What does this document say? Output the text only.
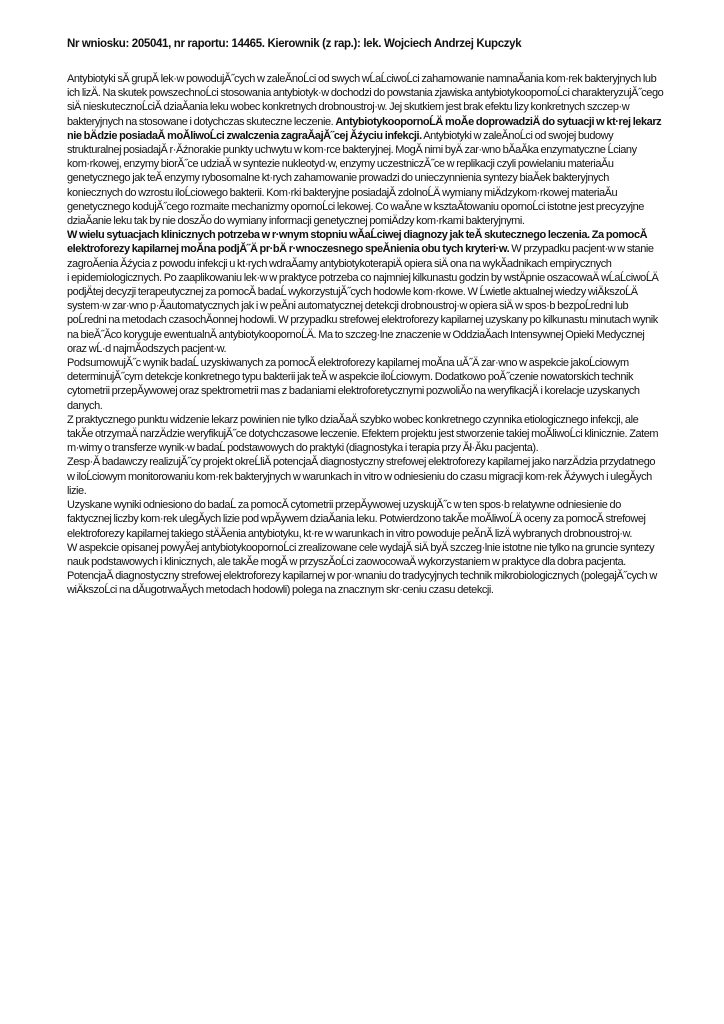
Nr wniosku: 205041, nr raportu: 14465. Kierownik (z rap.): lek. Wojciech Andrzej Kupczyk

Antybiotyki sĂ grupĂ lek·w powodujĂ˝cych w zaleĂnoĹci od swych wĹaĹciwoĹci zahamowanie namnaĂania kom·rek bakteryjnych lub ich lizÄ. Na skutek powszechnoĹci stosowania antybiotyk·w dochodzi do powstania zjawiska antybiotykoopornoĹci charakteryzujĂ˝cego siÄ nieskutecznoĹciĂ dziaĂania leku wobec konkretnych drobnoustroj·w. Jej skutkiem jest brak efektu lizy konkretnych szczep·w bakteryjnych na stosowane i dotychczas skuteczne leczenie. AntybiotykoopornoĹÄ moĂe doprowadziÄ do sytuacji w kt·rej lekarz nie bÄdzie posiadaĂ moĂliwoĹci zwalczenia zagraĂajĂ˝cej Ăźyciu infekcji. Antybiotyki w zaleĂnoĹci od swojej budowy strukturalnej posiadajĂ r·Ăźnorakie punkty uchwytu w kom·rce bakteryjnej. MogĂ nimi byÄ zar·wno bĂaĂka enzymatyczne Ĺciany kom·rkowej, enzymy biorĂ˝ce udziaĂ w syntezie nukleotyd·w, enzymy uczestniczĂ˝ce w replikacji czyli powielaniu materiaĂu genetycznego jak teĂ enzymy rybosomalne kt·rych zahamowanie prowadzi do unieczynnienia syntezy biaĂek bakteryjnych koniecznych do wzrostu iloĹciowego bakterii. Kom·rki bakteryjne posiadajĂ zdolnoĹÄ wymiany miÄdzykom·rkowej materiaĂu genetycznego kodujĂ˝cego rozmaite mechanizmy opornoĹci lekowej. Co waĂne w ksztaĂtowaniu opornoĹci istotne jest precyzyjne dziaĂanie leku tak by nie doszĂo do wymiany informacji genetycznej pomiÄdzy kom·rkami bakteryjnymi.

W wielu sytuacjach klinicznych potrzeba w r·wnym stopniu wĂaĹciwej diagnozy jak teĂ skutecznego leczenia. Za pomocĂ elektroforezy kapilarnej moĂna podjĂ˝Ä pr·bÄ r·wnoczesnego speĂnienia obu tych kryteri·w. W przypadku pacjent·w w stanie zagroĂenia Ăźycia z powodu infekcji u kt·rych wdraĂamy antybiotykoterapiÄ opiera siÄ ona na wykĂadnikach empirycznych

i epidemiologicznych. Po zaaplikowaniu lek·w w praktyce potrzeba co najmniej kilkunastu godzin by wstÄpnie oszacowaÄ wĹaĹciwoĹÄ podjÄtej decyzji terapeutycznej za pomocĂ badaĹ wykorzystujĂ˝cych hodowle kom·rkowe. W Ĺwietle aktualnej wiedzy wiÄkszoĹÄ system·w zar·wno p·Ăautomatycznych jak i w peĂni automatycznej detekcji drobnoustroj·w opiera siÄ w spos·b bezpoĹredni lub poĹredni na metodach czasochĂonnej hodowli. W przypadku strefowej elektroforezy kapilarnej uzyskany po kilkunastu minutach wynik na bieĂ˝Ăco koryguje ewentualnĂ antybiotykoopornoĹÄ. Ma to szczeg·lne znaczenie w OddziaĂach Intensywnej Opieki Medycznej oraz wĹ·d najmĂodszych pacjent·w.

PodsumowujĂ˝c wynik badaĹ uzyskiwanych za pomocĂ elektroforezy kapilarnej moĂna uĂ˝Ä zar·wno w aspekcie jakoĹciowym determinujĂ˝cym detekcje konkretnego typu bakterii jak teĂ w aspekcie iloĹciowym. Dodatkowo poĂ˝czenie nowatorskich technik cytometrii przepĂywowej oraz spektrometrii mas z badaniami elektroforetycznymi pozwoliĂo na weryfikacjÄ i korelacje uzyskanych danych.

Z praktycznego punktu widzenie lekarz powinien nie tylko dziaĂaÄ szybko wobec konkretnego czynnika etiologicznego infekcji, ale takĂe otrzymaÄ narzÄdzie weryfikujĂ˝ce dotychczasowe leczenie. Efektem projektu jest stworzenie takiej moĂliwoĹci klinicznie. Zatem m·wimy o transferze wynik·w badaĹ podstawowych do praktyki (diagnostyka i terapia przy Ăł·Ăku pacjenta).

Zesp·Ă badawczy realizujĂ˝cy projekt okreĹliĂ potencjaĂ diagnostyczny strefowej elektroforezy kapilarnej jako narzÄdzia przydatnego w iloĹciowym monitorowaniu kom·rek bakteryjnych w warunkach in vitro w odniesieniu do czasu migracji kom·rek Ăźywych i ulegĂych lizie.

Uzyskane wyniki odniesiono do badaĹ za pomocĂ cytometrii przepĂywowej uzyskujĂ˝c w ten spos·b relatywne odniesienie do faktycznej liczby kom·rek ulegĂych lizie pod wpĂywem dziaĂania leku. Potwierdzono takĂe moĂliwoĹÄ oceny za pomocĂ strefowej elektroforezy kapilarnej takiego stÄĂenia antybiotyku, kt·re w warunkach in vitro powoduje peĂnĂ lizÄ wybranych drobnoustroj·w.

W aspekcie opisanej powyĂej antybiotykoopornoĹci zrealizowane cele wydajĂ siÄ byÄ szczeg·lnie istotne nie tylko na gruncie syntezy nauk podstawowych i klinicznych, ale takĂe mogĂ w przyszĂoĹci zaowocowaÄ wykorzystaniem w praktyce dla dobra pacjenta.

PotencjaĂ diagnostyczny strefowej elektroforezy kapilarnej w por·wnaniu do tradycyjnych technik mikrobiologicznych (polegajĂ˝cych w wiÄkszoĹci na dĂugotrwaĂych metodach hodowli) polega na znacznym skr·ceniu czasu detekcji.
